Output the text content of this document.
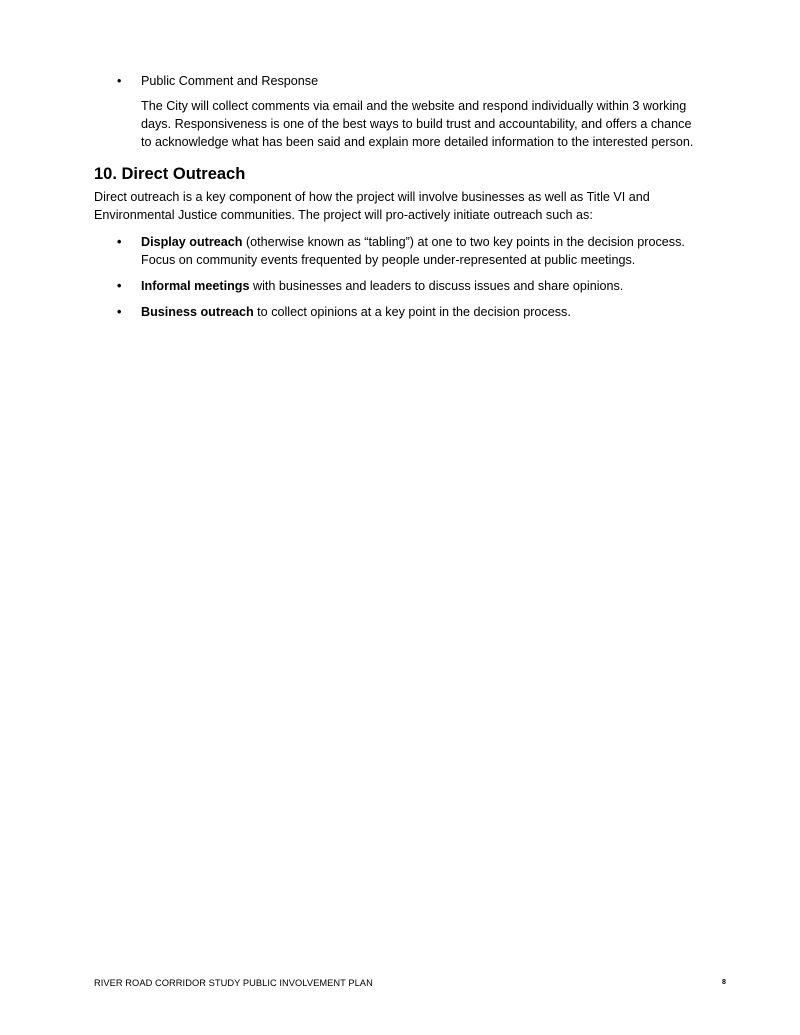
•	Public Comment and Response
The City will collect comments via email and the website and respond individually within 3 working
days. Responsiveness is one of the best ways to build trust and accountability, and offers a chance
to acknowledge what has been said and explain more detailed information to the interested person.
10. Direct Outreach
Direct outreach is a key component of how the project will involve businesses as well as Title VI and
Environmental Justice communities. The project will pro-actively initiate outreach such as:
•	Display outreach (otherwise known as “tabling”) at one to two key points in the decision process.
Focus on community events frequented by people under-represented at public meetings.
•	Informal meetings with businesses and leaders to discuss issues and share opinions.
•	Business outreach to collect opinions at a key point in the decision process.
RIVER ROAD CORRIDOR STUDY PUBLIC INVOLVEMENT PLAN	8
